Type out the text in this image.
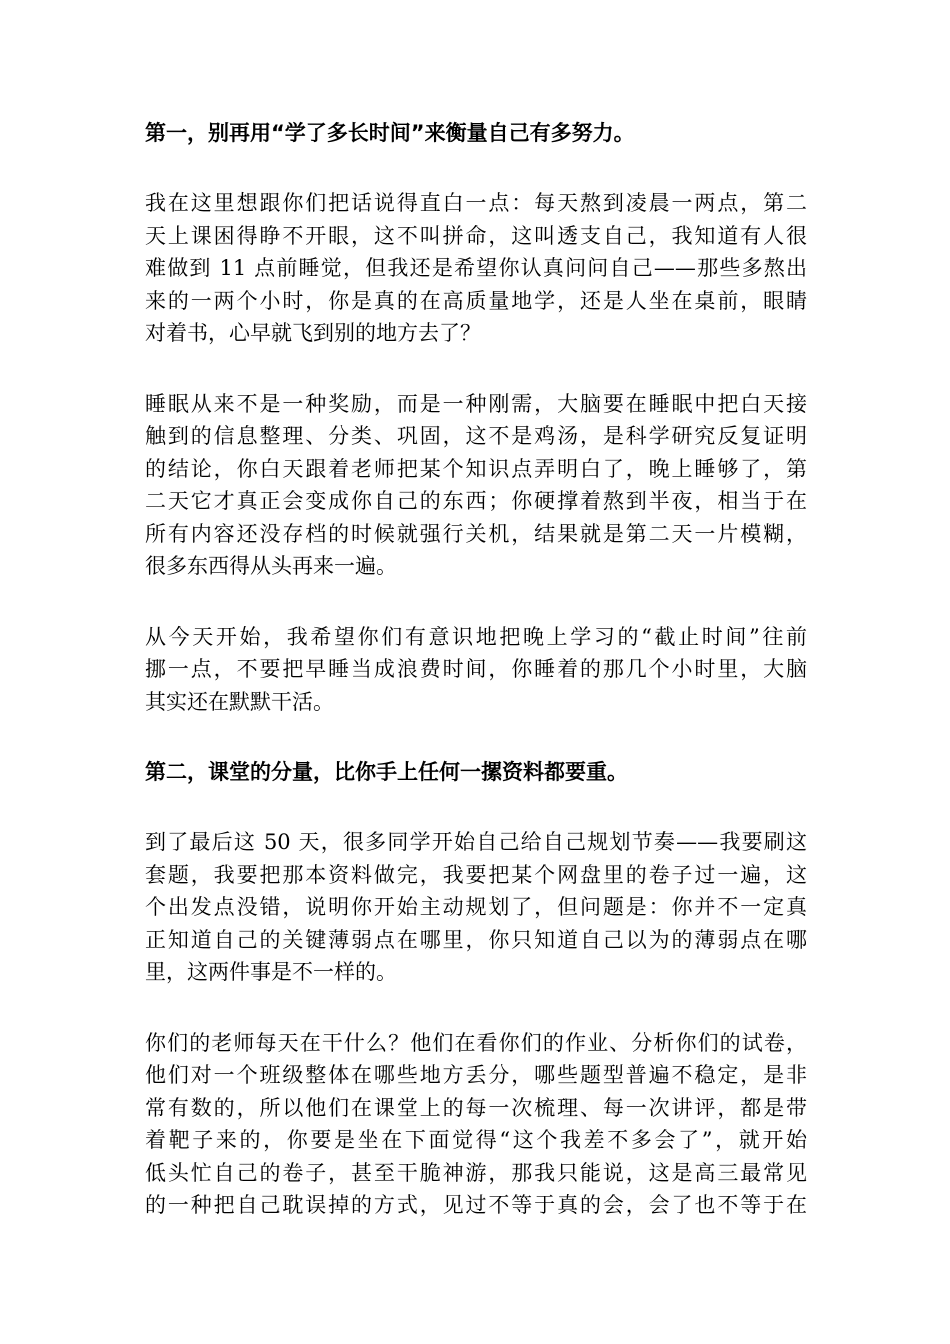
第一，别再用“学了多长时间”来衡量自己有多努力。
我在这里想跟你们把话说得直白一点：每天熬到凌晨一两点，第二
天上课困得睁不开眼，这不叫拼命，这叫透支自己，我知道有人很
难做到 11 点前睡觉，但我还是希望你认真问问自己——那些多熬出
来的一两个小时，你是真的在高质量地学，还是人坐在桌前，眼睛
对着书，心早就飞到别的地方去了？
睡眠从来不是一种奖励，而是一种刚需，大脑要在睡眠中把白天接
触到的信息整理、分类、巩固，这不是鸡汤，是科学研究反复证明
的结论，你白天跟着老师把某个知识点弄明白了，晚上睡够了，第
二天它才真正会变成你自己的东西；你硬撑着熬到半夜，相当于在
所有内容还没存档的时候就强行关机，结果就是第二天一片模糊，
很多东西得从头再来一遍。
从今天开始，我希望你们有意识地把晚上学习的“截止时间”往前
挪一点，不要把早睡当成浪费时间，你睡着的那几个小时里，大脑
其实还在默默干活。
第二，课堂的分量，比你手上任何一摞资料都要重。
到了最后这 50 天，很多同学开始自己给自己规划节奏——我要刷这
套题，我要把那本资料做完，我要把某个网盘里的卷子过一遍，这
个出发点没错，说明你开始主动规划了，但问题是：你并不一定真
正知道自己的关键薄弱点在哪里，你只知道自己以为的薄弱点在哪
里，这两件事是不一样的。
你们的老师每天在干什么？他们在看你们的作业、分析你们的试卷，
他们对一个班级整体在哪些地方丢分，哪些题型普遍不稳定，是非
常有数的，所以他们在课堂上的每一次梳理、每一次讲评，都是带
着靶子来的，你要是坐在下面觉得“这个我差不多会了”，就开始
低头忙自己的卷子，甚至干脆神游，那我只能说，这是高三最常见
的一种把自己耽误掉的方式，见过不等于真的会，会了也不等于在
